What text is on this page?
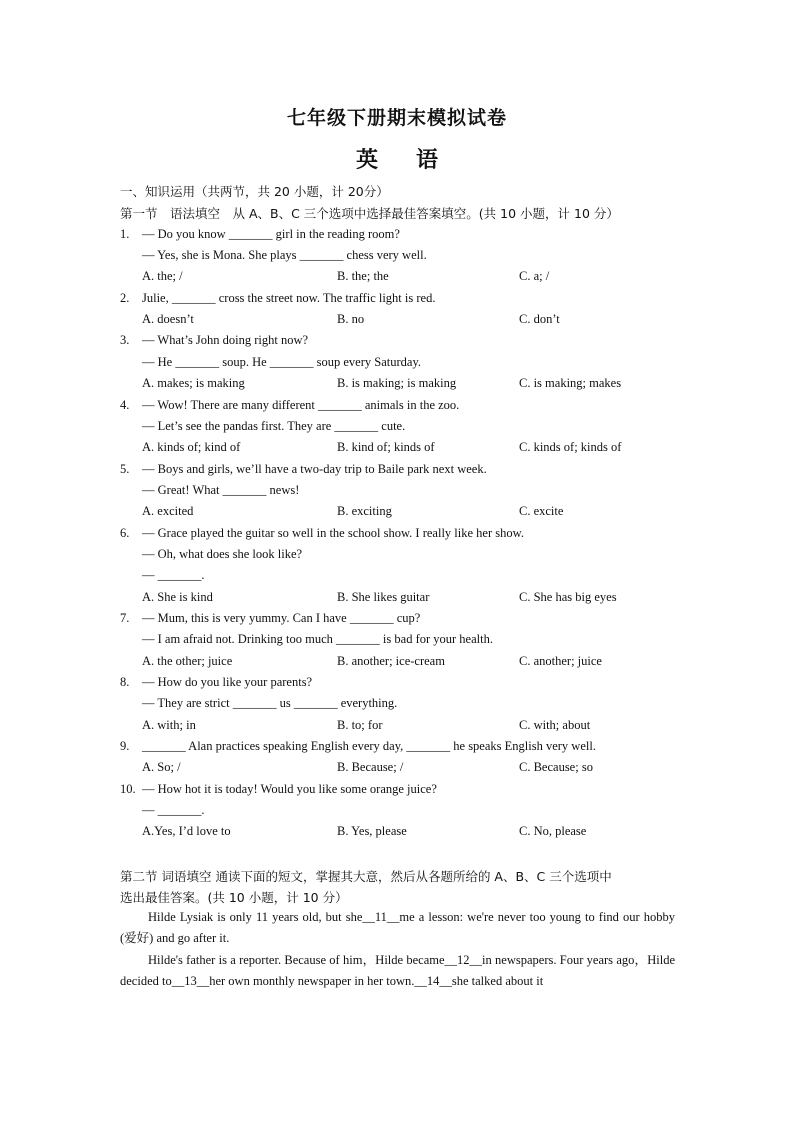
七年级下册期末模拟试卷
英语
一、知识运用（共两节，共 20 小题，计 20分）
第一节　语法填空　从 A、B、C 三个选项中选择最佳答案填空。(共 10 小题，计 10 分）
1. — Do you know _______ girl in the reading room?
— Yes, she is Mona. She plays _______ chess very well.
A. the; /	B. the; the	C. a; /
2. Julie, _______ cross the street now. The traffic light is red.
A. doesn’t	B. no	C. don’t
3. — What’s John doing right now?
— He _______ soup. He _______ soup every Saturday.
A. makes; is making	B. is making; is making	C. is making; makes
4. — Wow! There are many different _______ animals in the zoo.
— Let’s see the pandas first. They are _______ cute.
A. kinds of; kind of	B. kind of; kinds of	C. kinds of; kinds of
5. — Boys and girls, we’ll have a two-day trip to Baile park next week.
— Great! What _______ news!
A. excited	B. exciting	C. excite
6. — Grace played the guitar so well in the school show. I really like her show.
— Oh, what does she look like?
— _______.
A. She is kind	B. She likes guitar	C. She has big eyes
7. — Mum, this is very yummy. Can I have _______ cup?
— I am afraid not. Drinking too much _______ is bad for your health.
A. the other; juice	B. another; ice-cream	C. another; juice
8. — How do you like your parents?
— They are strict _______ us _______ everything.
A. with; in	B. to; for	C. with; about
9. _______ Alan practices speaking English every day, _______ he speaks English very well.
A. So; /	B. Because; /	C. Because; so
10. — How hot it is today! Would you like some orange juice?
— _______.
A.Yes, I’d love to	B. Yes, please	C. No, please
第二节 词语填空 通读下面的短文，掌握其大意，然后从各题所给的 A、B、C 三个选项中
选出最佳答案。(共 10 小题，计 10 分）
Hilde Lysiak is only 11 years old, but she__11__me a lesson: we're never too young to find our hobby (爱好) and go after it.
Hilde's father is a reporter. Because of him，Hilde became__12__in newspapers. Four years ago，Hilde decided to__13__her own monthly newspaper in her town.__14__she talked about it
